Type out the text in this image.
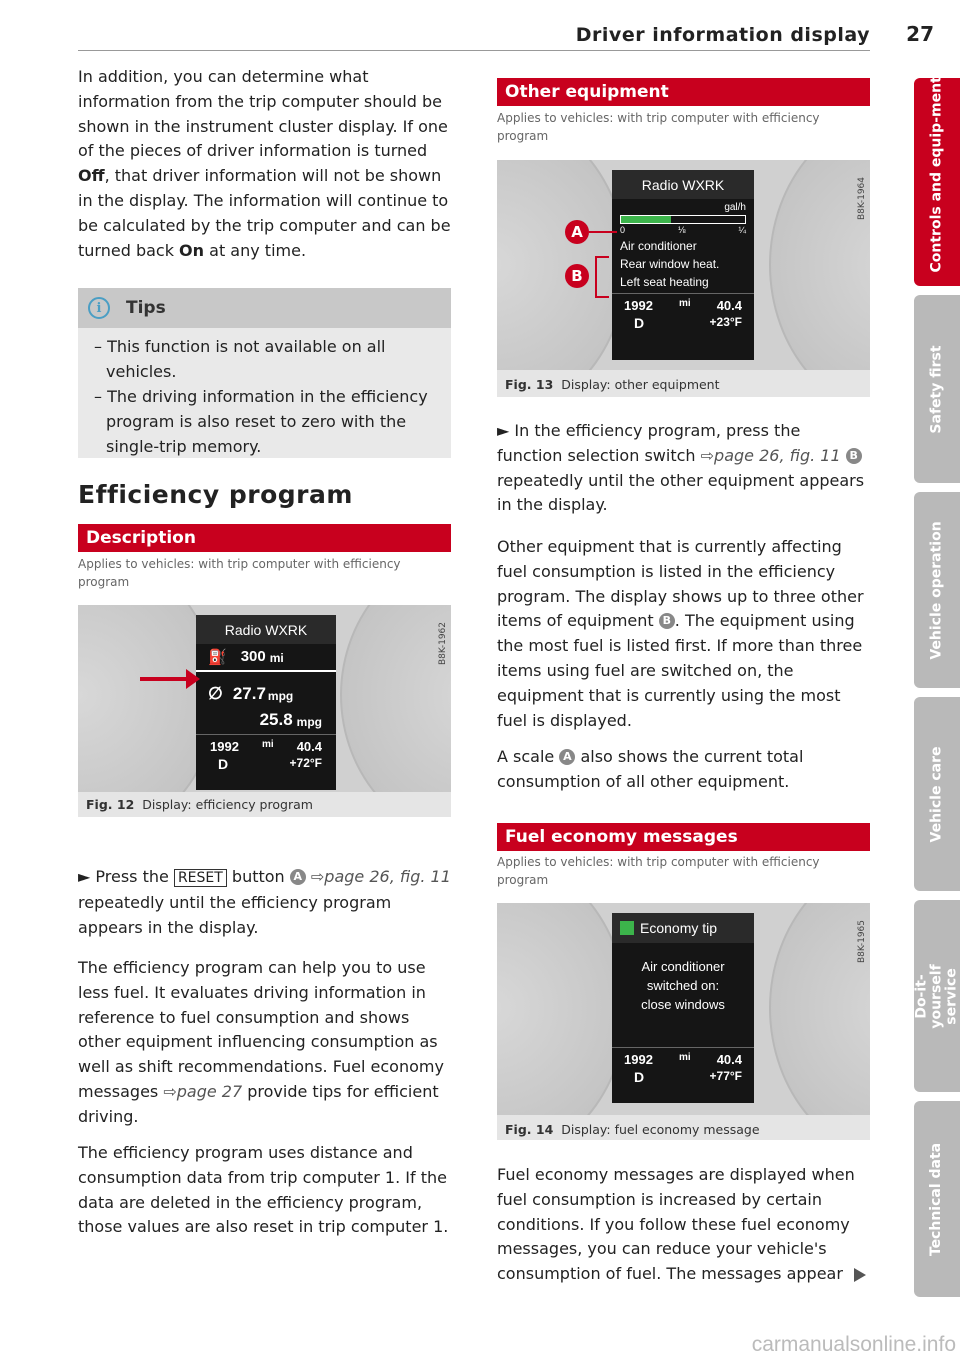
Driver information display 27

In addition, you can determine what information from the trip computer should be shown in the instrument cluster display. If one of the pieces of driver information is turned Off, that driver information will not be shown in the display. The information will continue to be calculated by the trip computer and can be turned back On at any time.

i	Tips
– This function is not available on all vehicles.
– The driving information in the efficiency program is also reset to zero with the single-trip memory.
Efficiency program
Description
Applies to vehicles: with trip computer with efficiency program
Radio WXRK
⛽ 300 mi
∅ 27.7 mpg
25.8 mpg
1992 mi 40.4
D	+72°F
B8K-1962
Fig. 12 Display: efficiency program

► Press the RESET button A ⇨page 26, fig. 11 repeatedly until the efficiency program appears in the display.

The efficiency program can help you to use less fuel. It evaluates driving information in reference to fuel consumption and shows other equipment influencing consumption as well as shift recommendations. Fuel economy messages ⇨page 27 provide tips for efficient driving.

The efficiency program uses distance and consumption data from trip computer 1. If the data are deleted in the efficiency program, those values are also reset in trip computer 1.

Other equipment
Applies to vehicles: with trip computer with efficiency program
Radio WXRK
gal/h
0	⅛	¼
Air conditioner
Rear window heat.
Left seat heating
1992	mi 40.4
D	+23°F
A
B
B8K-1964
Fig. 13 Display: other equipment

► In the efficiency program, press the function selection switch ⇨page 26, fig. 11 B repeatedly until the other equipment appears in the display.

Other equipment that is currently affecting fuel consumption is listed in the efficiency program. The display shows up to three other items of equipment B . The equipment using the most fuel is listed first. If more than three items using fuel are switched on, the equipment that is currently using the most fuel is displayed.

A scale A also shows the current total consumption of all other equipment.

Fuel economy messages
Applies to vehicles: with trip computer with efficiency program
Economy tip
Air conditioner switched on: close windows
1992	mi 40.4
D	+77°F
B8K-1965
Fig. 14 Display: fuel economy message

Fuel economy messages are displayed when fuel consumption is increased by certain conditions. If you follow these fuel economy messages, you can reduce your vehicle's consumption of fuel. The messages appear

Controls and equip-ment
Safety first
Vehicle operation
Vehicle care
Do-it-yourself service
Technical data
carmanualsonline.info
